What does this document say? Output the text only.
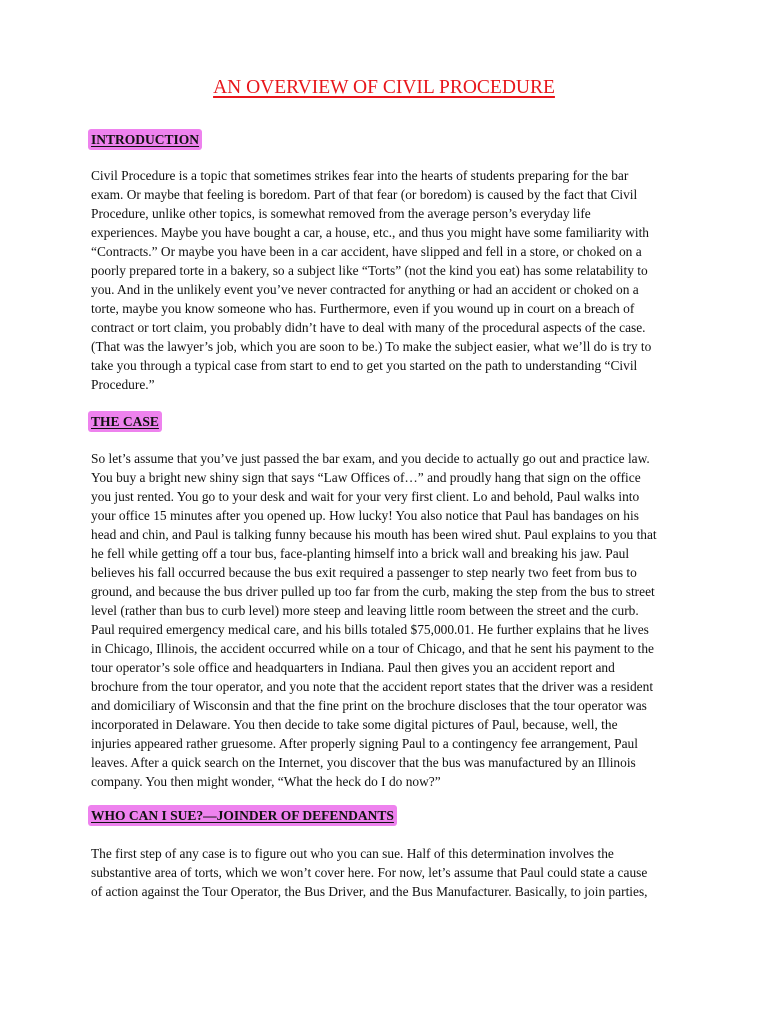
AN OVERVIEW OF CIVIL PROCEDURE
INTRODUCTION

Civil Procedure is a topic that sometimes strikes fear into the hearts of students preparing for the bar
exam. Or maybe that feeling is boredom. Part of that fear (or boredom) is caused by the fact that Civil
Procedure, unlike other topics, is somewhat removed from the average person’s everyday life
experiences. Maybe you have bought a car, a house, etc., and thus you might have some familiarity with
“Contracts.” Or maybe you have been in a car accident, have slipped and fell in a store, or choked on a
poorly prepared torte in a bakery, so a subject like “Torts” (not the kind you eat) has some relatability to
you. And in the unlikely event you’ve never contracted for anything or had an accident or choked on a
torte, maybe you know someone who has. Furthermore, even if you wound up in court on a breach of
contract or tort claim, you probably didn’t have to deal with many of the procedural aspects of the case.
(That was the lawyer’s job, which you are soon to be.) To make the subject easier, what we’ll do is try to
take you through a typical case from start to end to get you started on the path to understanding “Civil
Procedure.”

THE CASE

So let’s assume that you’ve just passed the bar exam, and you decide to actually go out and practice law.
You buy a bright new shiny sign that says “Law Offices of…” and proudly hang that sign on the office
you just rented. You go to your desk and wait for your very first client. Lo and behold, Paul walks into
your office 15 minutes after you opened up. How lucky! You also notice that Paul has bandages on his
head and chin, and Paul is talking funny because his mouth has been wired shut. Paul explains to you that
he fell while getting off a tour bus, face-planting himself into a brick wall and breaking his jaw. Paul
believes his fall occurred because the bus exit required a passenger to step nearly two feet from bus to
ground, and because the bus driver pulled up too far from the curb, making the step from the bus to street
level (rather than bus to curb level) more steep and leaving little room between the street and the curb.
Paul required emergency medical care, and his bills totaled $75,000.01. He further explains that he lives
in Chicago, Illinois, the accident occurred while on a tour of Chicago, and that he sent his payment to the
tour operator’s sole office and headquarters in Indiana. Paul then gives you an accident report and
brochure from the tour operator, and you note that the accident report states that the driver was a resident
and domiciliary of Wisconsin and that the fine print on the brochure discloses that the tour operator was
incorporated in Delaware. You then decide to take some digital pictures of Paul, because, well, the
injuries appeared rather gruesome. After properly signing Paul to a contingency fee arrangement, Paul
leaves. After a quick search on the Internet, you discover that the bus was manufactured by an Illinois
company. You then might wonder, “What the heck do I do now?”

WHO CAN I SUE?—JOINDER OF DEFENDANTS

The first step of any case is to figure out who you can sue. Half of this determination involves the
substantive area of torts, which we won’t cover here. For now, let’s assume that Paul could state a cause
of action against the Tour Operator, the Bus Driver, and the Bus Manufacturer. Basically, to join parties,
